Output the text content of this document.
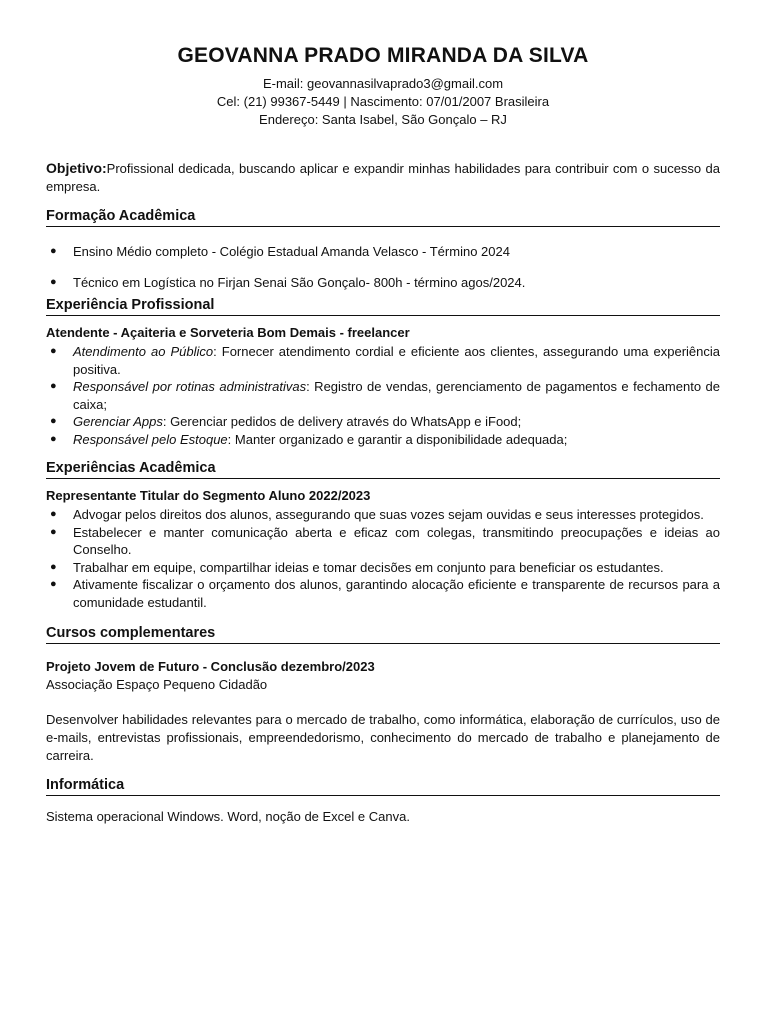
GEOVANNA PRADO MIRANDA DA SILVA
E-mail: geovannasilvaprado3@gmail.com
Cel: (21) 99367-5449 | Nascimento: 07/01/2007 Brasileira
Endereço: Santa Isabel, São Gonçalo – RJ
Objetivo:Profissional dedicada, buscando aplicar e expandir minhas habilidades para contribuir com o sucesso da empresa.
Formação Acadêmica
● Ensino Médio completo - Colégio Estadual Amanda Velasco - Término 2024
● Técnico em Logística no Firjan Senai São Gonçalo- 800h - término agos/2024.
Experiência Profissional
Atendente - Açaiteria e Sorveteria Bom Demais - freelancer
● Atendimento ao Público: Fornecer atendimento cordial e eficiente aos clientes, assegurando uma experiência positiva.
● Responsável por rotinas administrativas: Registro de vendas, gerenciamento de pagamentos e fechamento de caixa;
● Gerenciar Apps: Gerenciar pedidos de delivery através do WhatsApp e iFood;
● Responsável pelo Estoque: Manter organizado e garantir a disponibilidade adequada;
Experiências Acadêmica
Representante Titular do Segmento Aluno 2022/2023
● Advogar pelos direitos dos alunos, assegurando que suas vozes sejam ouvidas e seus interesses protegidos.
● Estabelecer e manter comunicação aberta e eficaz com colegas, transmitindo preocupações e ideias ao Conselho.
● Trabalhar em equipe, compartilhar ideias e tomar decisões em conjunto para beneficiar os estudantes.
● Ativamente fiscalizar o orçamento dos alunos, garantindo alocação eficiente e transparente de recursos para a comunidade estudantil.
Cursos complementares
Projeto Jovem de Futuro - Conclusão dezembro/2023
Associação Espaço Pequeno Cidadão
Desenvolver habilidades relevantes para o mercado de trabalho, como informática, elaboração de currículos, uso de e-mails, entrevistas profissionais, empreendedorismo, conhecimento do mercado de trabalho e planejamento de carreira.
Informática
Sistema operacional Windows. Word, noção de Excel e Canva.
